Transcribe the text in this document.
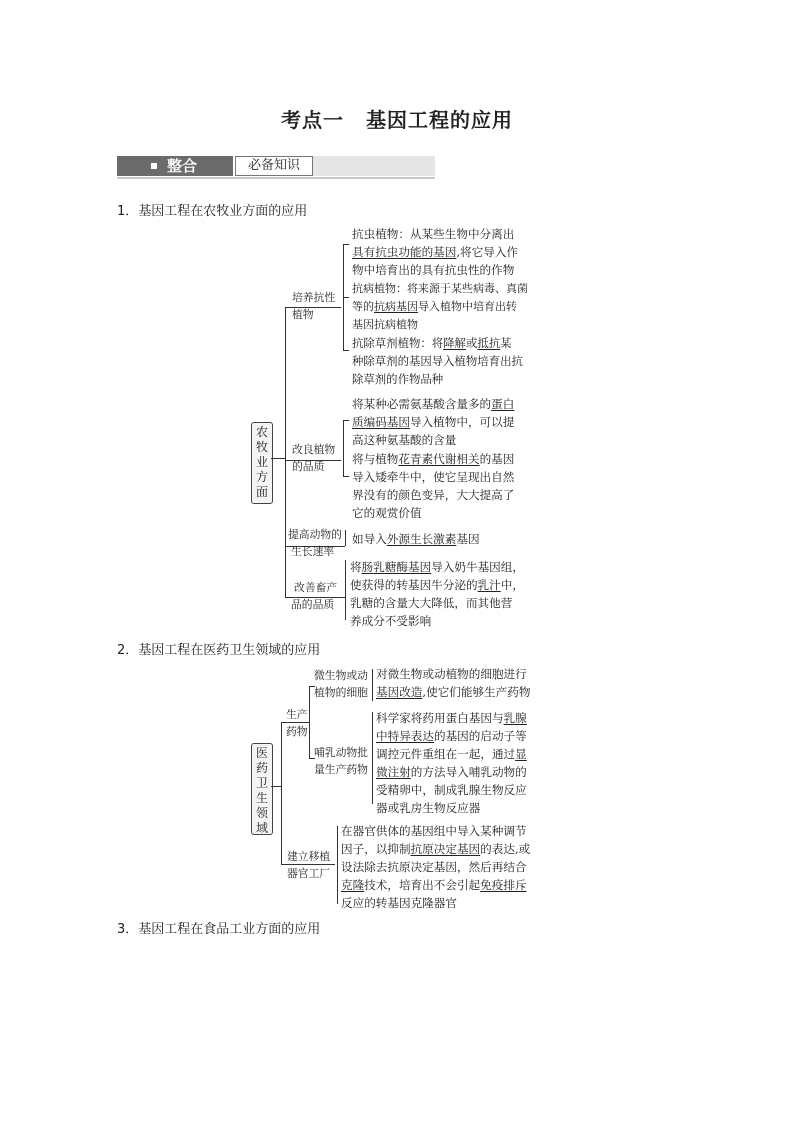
考点一 基因工程的应用
整合	必备知识
1．基因工程在农牧业方面的应用
农牧业方面
培养抗性
植物
抗虫植物：从某些生物中分离出
具有抗虫功能的基因,将它导入作
物中培育出的具有抗虫性的作物
抗病植物：将来源于某些病毒、真菌
等的抗病基因导入植物中培育出转
基因抗病植物
抗除草剂植物：将降解或抵抗某
种除草剂的基因导入植物培育出抗
除草剂的作物品种
改良植物
的品质
将某种必需氨基酸含量多的蛋白
质编码基因导入植物中，可以提
高这种氨基酸的含量
将与植物花青素代谢相关的基因
导入矮牵牛中，使它呈现出自然
界没有的颜色变异，大大提高了
它的观赏价值
提高动物的
生长速率
如导入外源生长激素基因
改善畜产
品的品质
将肠乳糖酶基因导入奶牛基因组，
使获得的转基因牛分泌的乳汁中，
乳糖的含量大大降低，而其他营
养成分不受影响
2．基因工程在医药卫生领域的应用
医药卫生领域
生产
药物
微生物或动
植物的细胞
对微生物或动植物的细胞进行
基因改造,使它们能够生产药物
哺乳动物批
量生产药物
科学家将药用蛋白基因与乳腺
中特异表达的基因的启动子等
调控元件重组在一起，通过显
微注射的方法导入哺乳动物的
受精卵中，制成乳腺生物反应
器或乳房生物反应器
建立移植
器官工厂
在器官供体的基因组中导入某种调节
因子，以抑制抗原决定基因的表达,或
设法除去抗原决定基因，然后再结合
克隆技术，培育出不会引起免疫排斥
反应的转基因克隆器官
3．基因工程在食品工业方面的应用
